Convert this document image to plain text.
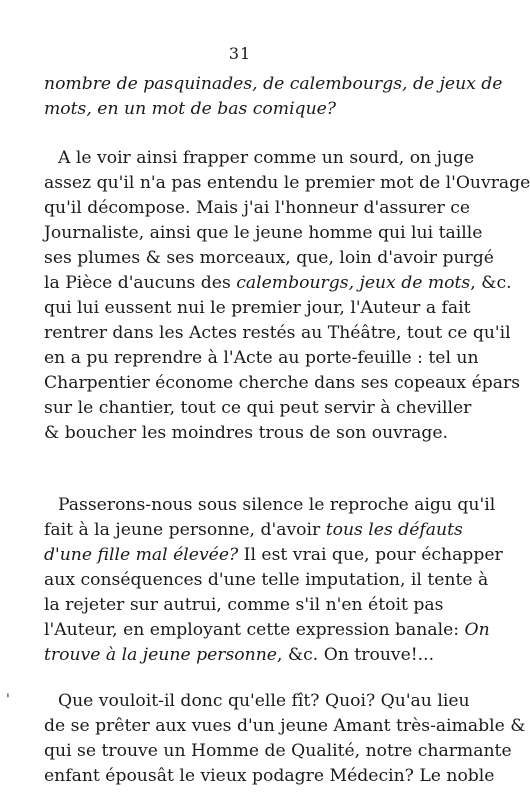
31
nombre de pasquinades, de calembourgs, de jeux de
mots, en un mot de bas comique?
A le voir ainsi frapper comme un sourd, on juge
assez qu'il n'a pas entendu le premier mot de l'Ouvrage
qu'il décompose. Mais j'ai l'honneur d'assurer ce
Journaliste, ainsi que le jeune homme qui lui taille
ses plumes & ses morceaux, que, loin d'avoir purgé
la Pièce d'aucuns des calembourgs, jeux de mots, &c.
qui lui eussent nui le premier jour, l'Auteur a fait
rentrer dans les Actes restés au Théâtre, tout ce qu'il
en a pu reprendre à l'Acte au porte-feuille : tel un
Charpentier économe cherche dans ses copeaux épars
sur le chantier, tout ce qui peut servir à cheviller
& boucher les moindres trous de son ouvrage.
Passerons-nous sous silence le reproche aigu qu'il
fait à la jeune personne, d'avoir tous les défauts
d'une fille mal élevée? Il est vrai que, pour échapper
aux conséquences d'une telle imputation, il tente à
la rejeter sur autrui, comme s'il n'en étoit pas
l'Auteur, en employant cette expression banale: On
trouve à la jeune personne, &c. On trouve!...
Que vouloit-il donc qu'elle fît? Quoi? Qu'au lieu
de se prêter aux vues d'un jeune Amant très-aimable &
qui se trouve un Homme de Qualité, notre charmante
enfant épousât le vieux podagre Médecin? Le noble
'
